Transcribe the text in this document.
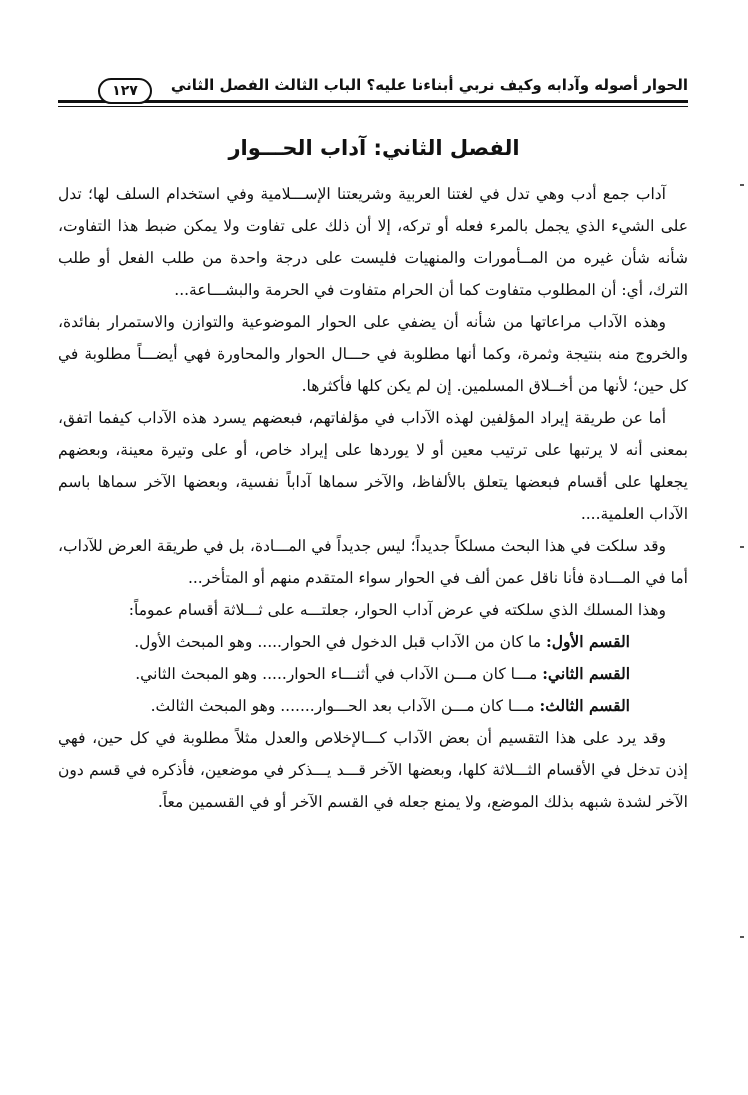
الحوار أصوله وآدابه وكيف نربي أبناءنا عليه؟ الباب الثالث الفصل الثاني
١٢٧
الفصل الثاني: آداب الحـــوار

آداب جمع أدب وهي تدل في لغتنا العربية وشريعتنا الإســـلامية وفي استخدام السلف لها؛ تدل على الشيء الذي يجمل بالمرء فعله أو تركه، إلا أن ذلك على تفاوت ولا يمكن ضبط هذا التفاوت، شأنه شأن غيره من المــأمورات والمنهيات فليست على درجة واحدة من طلب الفعل أو طلب الترك، أي: أن المطلوب متفاوت كما أن الحرام متفاوت في الحرمة والبشـــاعة...

وهذه الآداب مراعاتها من شأنه أن يضفي على الحوار الموضوعية والتوازن والاستمرار بفائدة، والخروج منه بنتيجة وثمرة، وكما أنها مطلوبة في حـــال الحوار والمحاورة فهي أيضـــاً مطلوبة في كل حين؛ لأنها من أخــلاق المسلمين. إن لم يكن كلها فأكثرها.

أما عن طريقة إيراد المؤلفين لهذه الآداب في مؤلفاتهم، فبعضهم يسرد هذه الآداب كيفما اتفق، بمعنى أنه لا يرتبها على ترتيب معين أو لا يوردها على إيراد خاص، أو على وتيرة معينة، وبعضهم يجعلها على أقسام فبعضها يتعلق بالألفاظ، والآخر سماها آداباً نفسية، وبعضها الآخر سماها باسم الآداب العلمية....

وقد سلكت في هذا البحث مسلكاً جديداً؛ ليس جديداً في المـــادة، بل في طريقة العرض للآداب، أما في المـــادة فأنا ناقل عمن ألف في الحوار سواء المتقدم منهم أو المتأخر...

وهذا المسلك الذي سلكته في عرض آداب الحوار، جعلتـــه على ثـــلاثة أقسام عموماً:

القسم الأول: ما كان من الآداب قبل الدخول في الحوار..... وهو المبحث الأول.

القسم الثاني: مـــا كان مـــن الآداب في أثنـــاء الحوار..... وهو المبحث الثاني.

القسم الثالث: مـــا كان مـــن الآداب بعد الحـــوار....... وهو المبحث الثالث.

وقد يرد على هذا التقسيم أن بعض الآداب كـــالإخلاص والعدل مثلاً مطلوبة في كل حين، فهي إذن تدخل في الأقسام الثـــلاثة كلها، وبعضها الآخر قـــد يـــذكر في موضعين، فأذكره في قسم دون الآخر لشدة شبهه بذلك الموضع، ولا يمنع جعله في القسم الآخر أو في القسمين معاً.
